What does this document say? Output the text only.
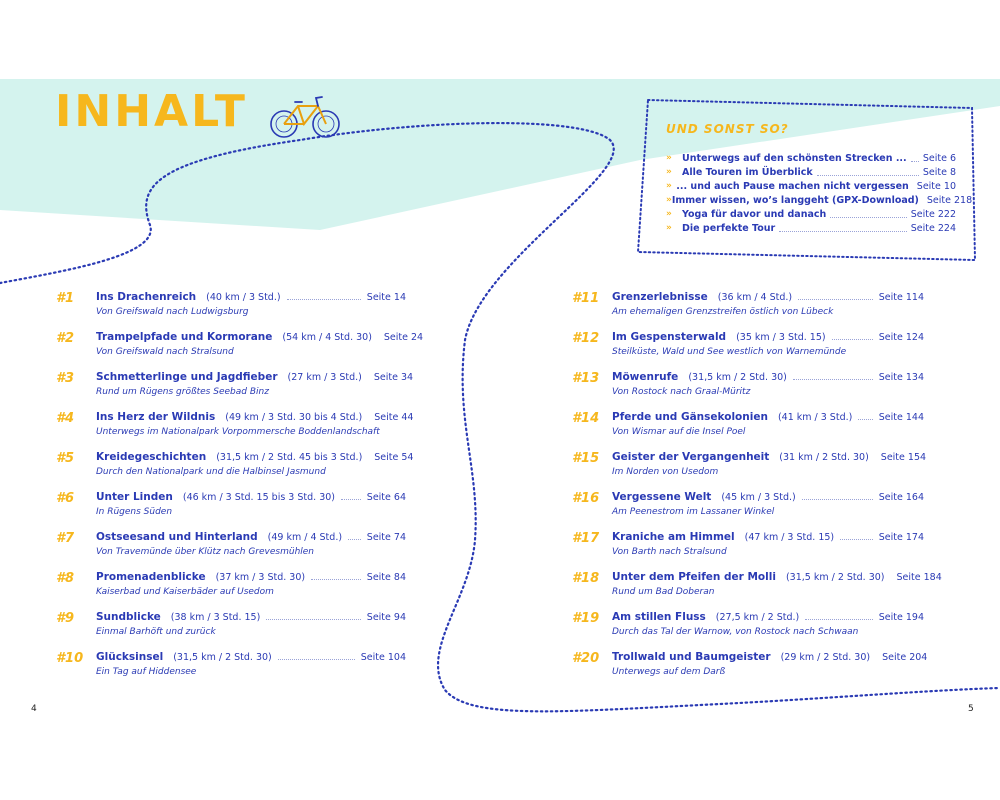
INHALT	UND SONST SO?
»	Unterwegs auf den schönsten Strecken ... Seite 6
»	Alle Touren im Überblick	Seite 8
» ... und auch Pause machen nicht vergessen Seite 10
» Immer wissen, wo’s langgeht (GPX-Download) Seite 218
»	Yoga für davor und danach	Seite 222
»	Die perfekte Tour	Seite 224
#1 Ins Drachenreich (40 km / 3 Std.)	Seite 14
Von Greifswald nach Ludwigsburg
#2 Trampelpfade und Kormorane (54 km / 4 Std. 30) Seite 24
Von Greifswald nach Stralsund
#3 Schmetterlinge und Jagdfieber (27 km / 3 Std.) Seite 34
Rund um Rügens größtes Seebad Binz
#4 Ins Herz der Wildnis (49 km / 3 Std. 30 bis 4 Std.) Seite 44
Unterwegs im Nationalpark Vorpommersche Boddenlandschaft
#5 Kreidegeschichten (31,5 km / 2 Std. 45 bis 3 Std.) Seite 54
Durch den Nationalpark und die Halbinsel Jasmund
#6 Unter Linden (46 km / 3 Std. 15 bis 3 Std. 30)	Seite 64
In Rügens Süden
#7 Ostseesand und Hinterland (49 km / 4 Std.)	Seite 74
Von Travemünde über Klütz nach Grevesmühlen
#8 Promenadenblicke (37 km / 3 Std. 30)	Seite 84
Kaiserbad und Kaiserbäder auf Usedom
#9 Sundblicke (38 km / 3 Std. 15)	Seite 94
Einmal Barhöft und zurück
#10 Glücksinsel (31,5 km / 2 Std. 30)	Seite 104
Ein Tag auf Hiddensee
#11 Grenzerlebnisse (36 km / 4 Std.)	Seite 114
Am ehemaligen Grenzstreifen östlich von Lübeck
#12 Im Gespensterwald (35 km / 3 Std. 15)	Seite 124
Steilküste, Wald und See westlich von Warnemünde
#13 Möwenrufe (31,5 km / 2 Std. 30)	Seite 134
Von Rostock nach Graal-Müritz
#14 Pferde und Gänsekolonien (41 km / 3 Std.)	Seite 144
Von Wismar auf die Insel Poel
#15 Geister der Vergangenheit (31 km / 2 Std. 30) Seite 154
Im Norden von Usedom
#16 Vergessene Welt (45 km / 3 Std.)	Seite 164
Am Peenestrom im Lassaner Winkel
#17 Kraniche am Himmel (47 km / 3 Std. 15)	Seite 174
Von Barth nach Stralsund
#18 Unter dem Pfeifen der Molli (31,5 km / 2 Std. 30) Seite 184
Rund um Bad Doberan
#19 Am stillen Fluss (27,5 km / 2 Std.)	Seite 194
Durch das Tal der Warnow, von Rostock nach Schwaan
#20 Trollwald und Baumgeister (29 km / 2 Std. 30) Seite 204
Unterwegs auf dem Darß
4	5
